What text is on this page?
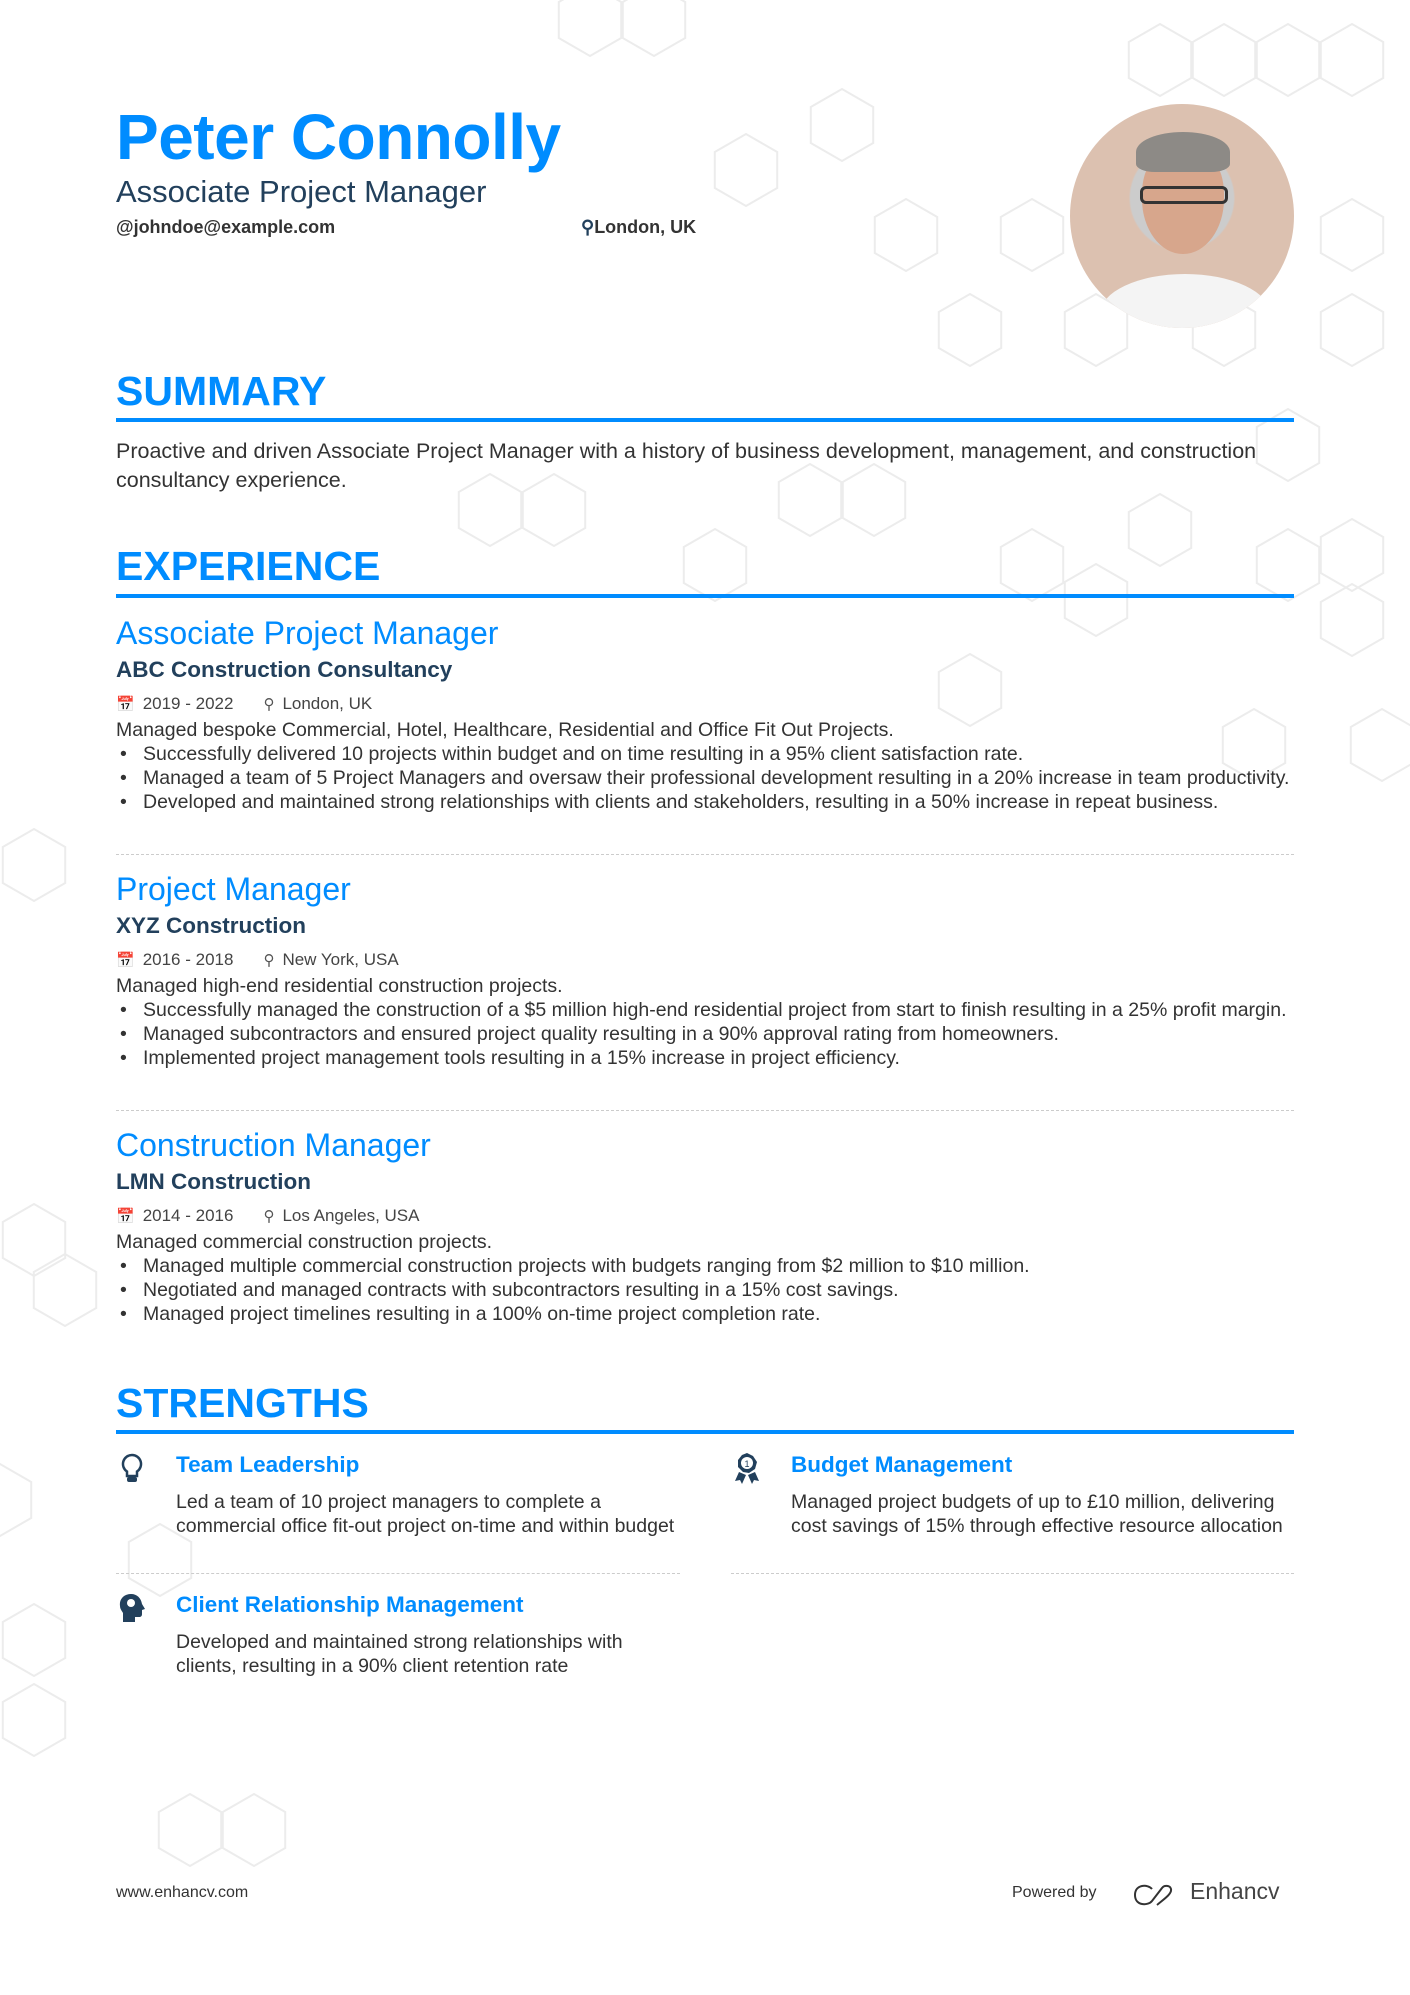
Peter Connolly
Associate Project Manager
@johndoe@example.com	⚲London, UK
SUMMARY
Proactive and driven Associate Project Manager with a history of business development, management, and construction consultancy experience.
EXPERIENCE
Associate Project Manager
ABC Construction Consultancy
📅 2019 - 2022 ⚲ London, UK
Managed bespoke Commercial, Hotel, Healthcare, Residential and Office Fit Out Projects.
• Successfully delivered 10 projects within budget and on time resulting in a 95% client satisfaction rate.
• Managed a team of 5 Project Managers and oversaw their professional development resulting in a 20% increase in team productivity.
• Developed and maintained strong relationships with clients and stakeholders, resulting in a 50% increase in repeat business.
Project Manager
XYZ Construction
📅 2016 - 2018 ⚲ New York, USA
Managed high-end residential construction projects.
• Successfully managed the construction of a $5 million high-end residential project from start to finish resulting in a 25% profit margin.
• Managed subcontractors and ensured project quality resulting in a 90% approval rating from homeowners.
• Implemented project management tools resulting in a 15% increase in project efficiency.
Construction Manager
LMN Construction
📅 2014 - 2016 ⚲ Los Angeles, USA
Managed commercial construction projects.
• Managed multiple commercial construction projects with budgets ranging from $2 million to $10 million.
• Negotiated and managed contracts with subcontractors resulting in a 15% cost savings.
• Managed project timelines resulting in a 100% on-time project completion rate.
STRENGTHS
Team Leadership
Led a team of 10 project managers to complete a commercial office fit-out project on-time and within budget
1 Budget Management
Managed project budgets of up to £10 million, delivering cost savings of 15% through effective resource allocation
Client Relationship Management
Developed and maintained strong relationships with clients, resulting in a 90% client retention rate
www.enhancv.com	Powered by	Enhancv
